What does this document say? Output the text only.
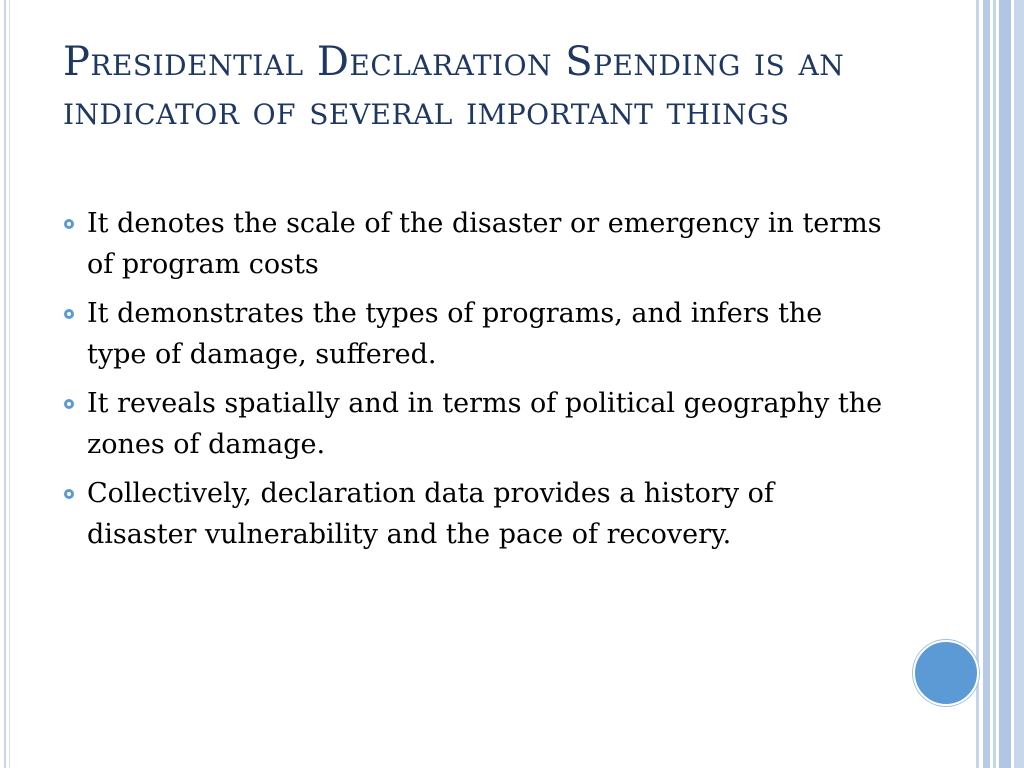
Presidential Declaration Spending is an indicator of several important things
It denotes the scale of the disaster or emergency in terms of program costs
It demonstrates the types of programs, and infers the type of damage, suffered.
It reveals spatially and in terms of political geography the zones of damage.
Collectively, declaration data provides a history of disaster vulnerability and the pace of recovery.
